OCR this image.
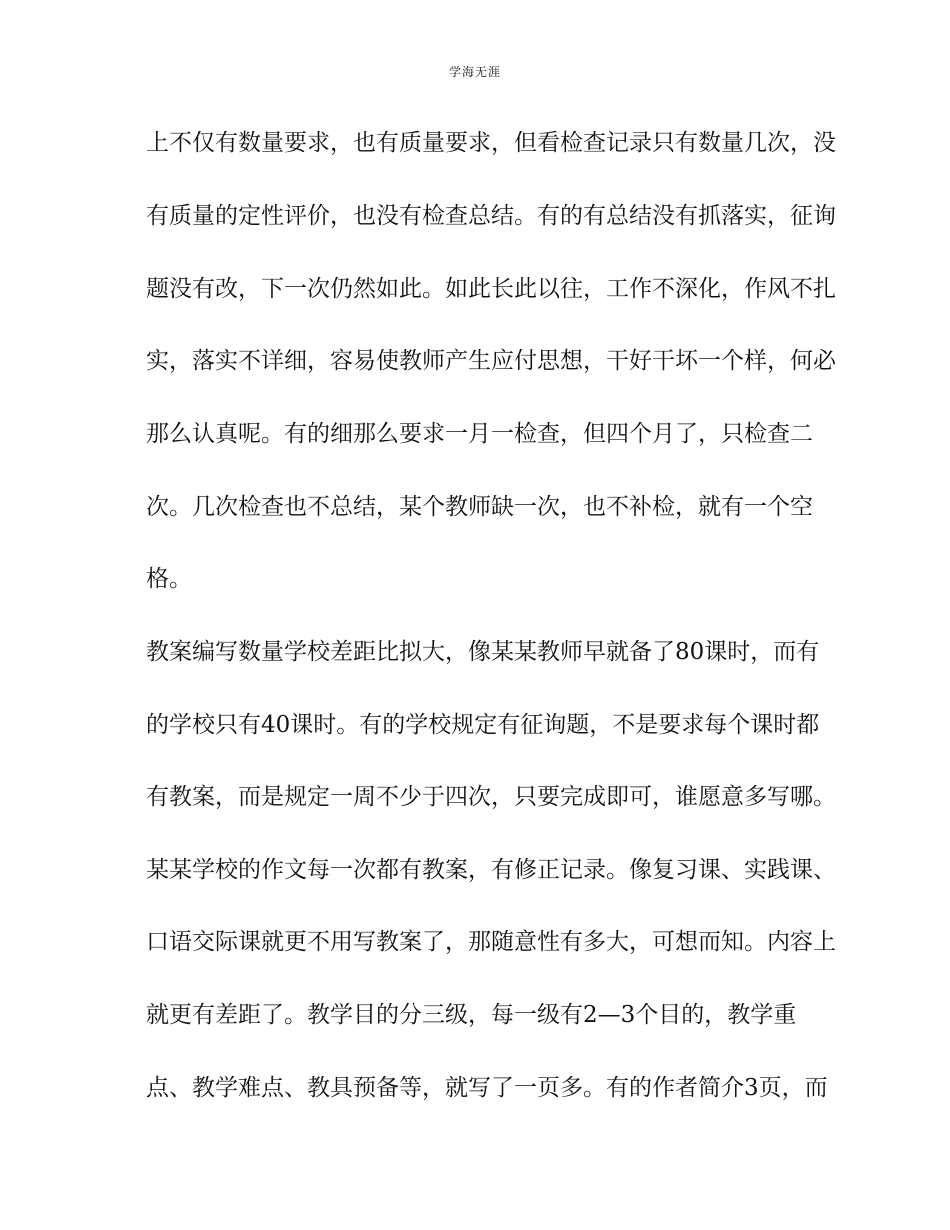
学海无涯
上不仅有数量要求，也有质量要求，但看检查记录只有数量几次，没
有质量的定性评价，也没有检查总结。有的有总结没有抓落实，征询
题没有改，下一次仍然如此。如此长此以往，工作不深化，作风不扎
实，落实不详细，容易使教师产生应付思想，干好干坏一个样，何必
那么认真呢。有的细那么要求一月一检查，但四个月了，只检查二
次。几次检查也不总结，某个教师缺一次，也不补检，就有一个空
格。
教案编写数量学校差距比拟大，像某某教师早就备了80课时，而有
的学校只有40课时。有的学校规定有征询题，不是要求每个课时都
有教案，而是规定一周不少于四次，只要完成即可，谁愿意多写哪。
某某学校的作文每一次都有教案，有修正记录。像复习课、实践课、
口语交际课就更不用写教案了，那随意性有多大，可想而知。内容上
就更有差距了。教学目的分三级，每一级有2—3个目的，教学重
点、教学难点、教具预备等，就写了一页多。有的作者简介3页，而
